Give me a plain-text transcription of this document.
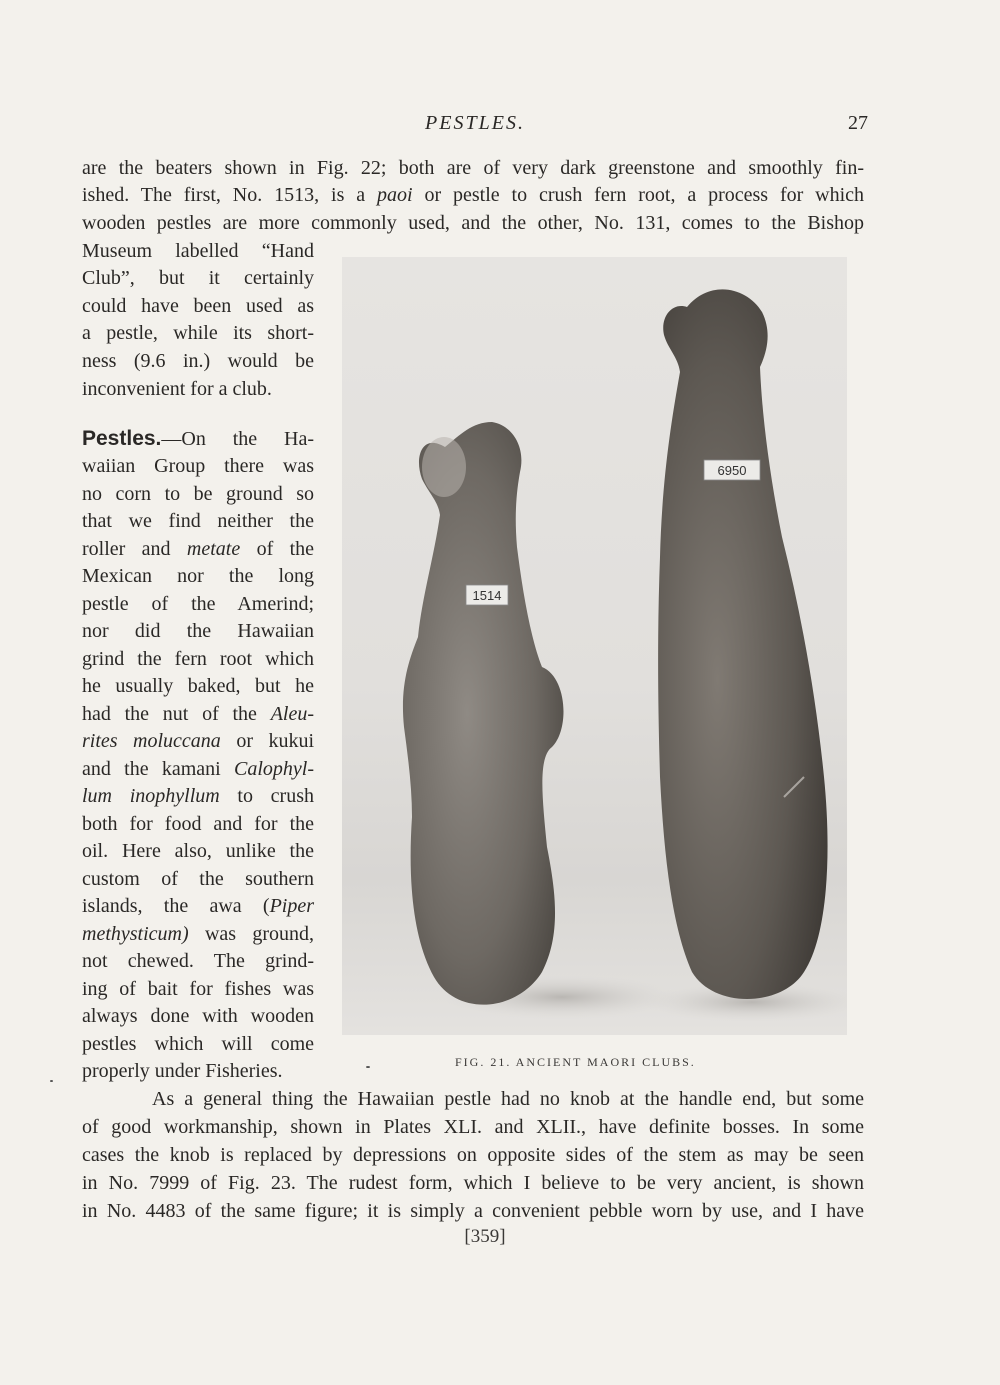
PESTLES.	27
are the beaters shown in Fig. 22; both are of very dark greenstone and smoothly fin-
ished. The first, No. 1513, is a paoi or pestle to crush fern root, a process for which
wooden pestles are more commonly used, and the other, No. 131, comes to the Bishop
Museum labelled “Hand
Club”, but it certainly
could have been used as
a pestle, while its short-
ness (9.6 in.) would be
inconvenient for a club.
Pestles.—On the Ha-
waiian Group there was
no corn to be ground so
that we find neither the
roller and metate of the
Mexican nor the long
pestle of the Amerind;
nor did the Hawaiian
grind the fern root which
he usually baked, but he
had the nut of the Aleu-
rites moluccana or kukui
and the kamani Calophyl-
lum inophyllum to crush
both for food and for the
oil. Here also, unlike the
custom of the southern
islands, the awa (Piper
methysticum) was ground,
not chewed. The grind-
ing of bait for fishes was
always done with wooden
pestles which will come
properly under Fisheries.
1514
6950
FIG. 21. ANCIENT MAORI CLUBS.
As a general thing the Hawaiian pestle had no knob at the handle end, but some
of good workmanship, shown in Plates XLI. and XLII., have definite bosses. In some
cases the knob is replaced by depressions on opposite sides of the stem as may be seen
in No. 7999 of Fig. 23. The rudest form, which I believe to be very ancient, is shown
in No. 4483 of the same figure; it is simply a convenient pebble worn by use, and I have
[359]
